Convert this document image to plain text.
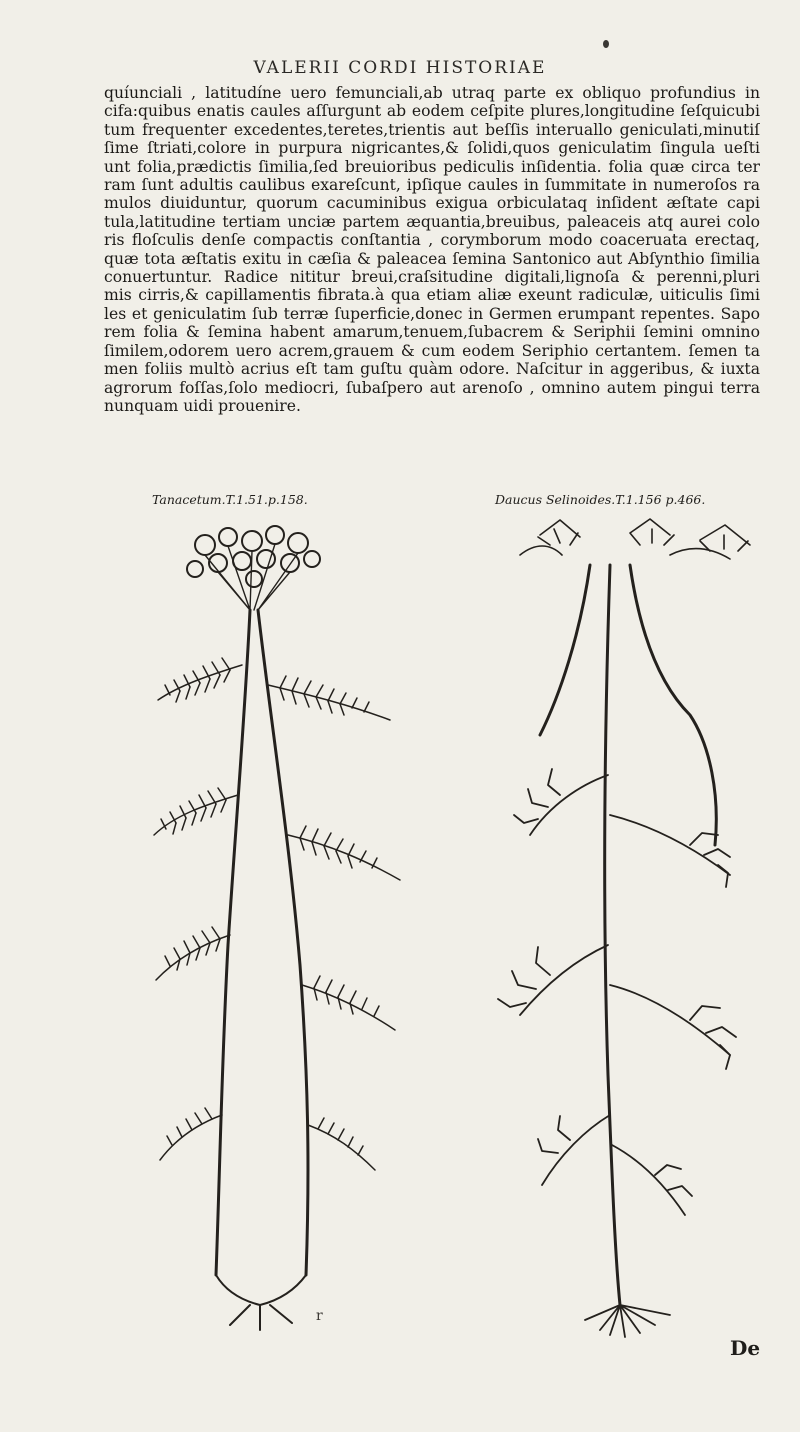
VALERII CORDI HISTORIAE
quíunciali , latitudíne uero femunciali,ab utraq parte ex obliquo profundius in
cifa:quibus enatis caules aſſurgunt ab eodem ceſpite plures,longitudine ſeſquicubi
tum frequenter excedentes,teretes,trientis aut beſſis interuallo geniculati,minutiſ
ſime ſtriati,colore in purpura nigricantes,& ſolidi,quos geniculatim ſingula ueſti
unt folia,prædictis ſimilia,ſed breuioribus pediculis inſidentia. folia quæ circa ter
ram ſunt adultis caulibus exareſcunt, ipſique caules in ſummitate in numeroſos ra
mulos diuiduntur, quorum cacuminibus exigua orbiculataq inſident æſtate capi
tula,latitudine tertiam unciæ partem æquantia,breuibus, paleaceis atq aurei colo
ris floſculis denſe compactis conſtantia , corymborum modo coaceruata erectaq,
quæ tota æſtatis exitu in cæſia & paleacea ſemina Santonico aut Abſynthio ſimilia
conuertuntur. Radice nititur breui,craſsitudine digitali,lignoſa & perenni,pluri
mis cirris,& capillamentis fibrata.à qua etiam aliæ exeunt radiculæ, uiticulis ſimi
les et geniculatim ſub terræ ſuperficie,donec in Germen erumpant repentes. Sapo
rem folia & ſemina habent amarum,tenuem,ſubacrem & Seriphii ſemini omnino
ſimilem,odorem uero acrem,grauem & cum eodem Seriphio certantem. ſemen ta
men foliis multò acrius eſt tam guſtu quàm odore. Naſcitur in aggeribus, & iuxta
agrorum foſſas,ſolo mediocri, ſubaſpero aut arenoſo , omnino autem pingui terra
nunquam uidi prouenire.
Tanacetum.T.1.51.p.158.	Daucus Selinoides.T.1.156 p.466.
r
De
